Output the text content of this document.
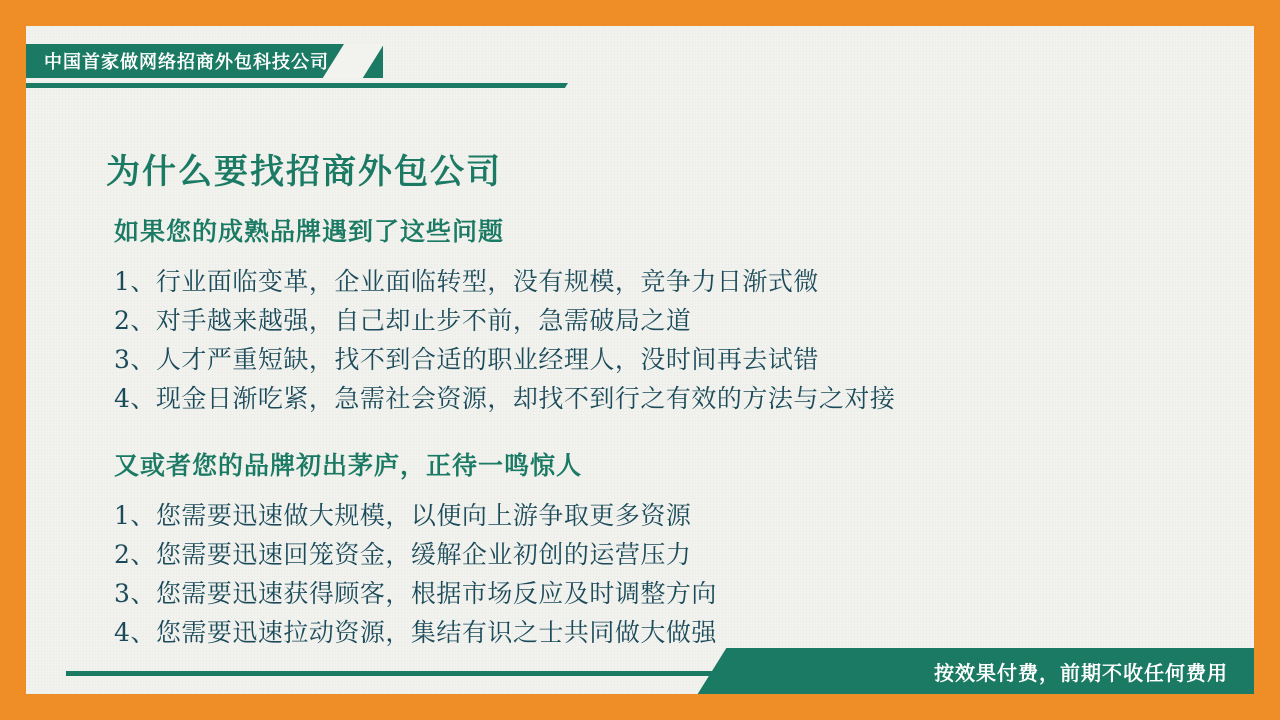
中国首家做网络招商外包科技公司
为什么要找招商外包公司
如果您的成熟品牌遇到了这些问题
1、行业面临变革，企业面临转型，没有规模，竞争力日渐式微
2、对手越来越强，自己却止步不前，急需破局之道
3、人才严重短缺，找不到合适的职业经理人，没时间再去试错
4、现金日渐吃紧，急需社会资源，却找不到行之有效的方法与之对接
又或者您的品牌初出茅庐，正待一鸣惊人
1、您需要迅速做大规模，以便向上游争取更多资源
2、您需要迅速回笼资金，缓解企业初创的运营压力
3、您需要迅速获得顾客，根据市场反应及时调整方向
4、您需要迅速拉动资源，集结有识之士共同做大做强
按效果付费，前期不收任何费用
